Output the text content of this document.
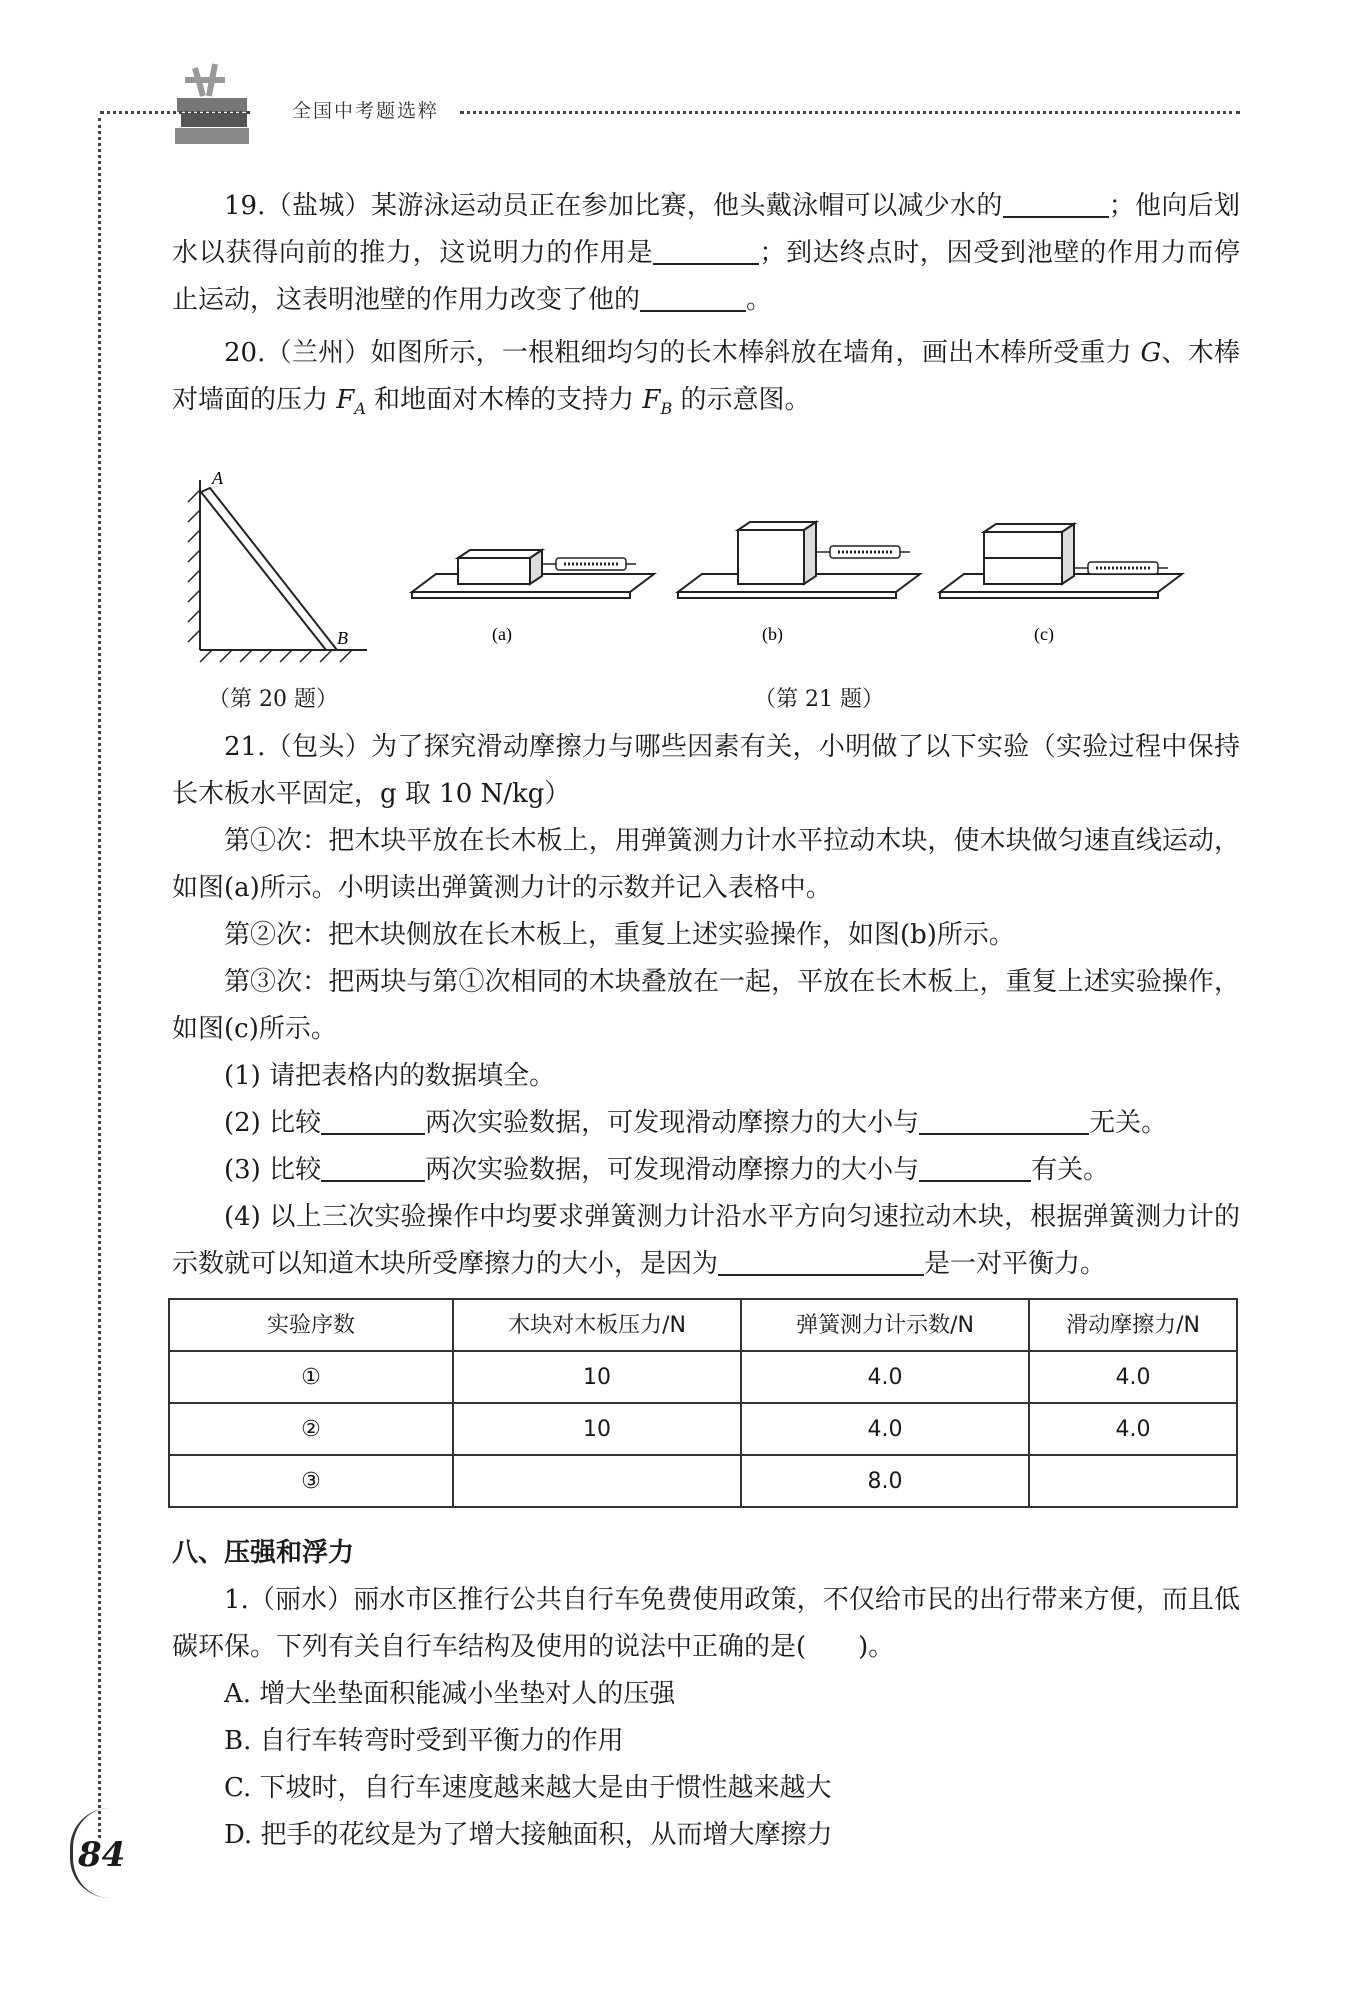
全国中考题选粹

19.（盐城）某游泳运动员正在参加比赛，他头戴泳帽可以减少水的	；他向后划水以获得向前的推力，这说明力的作用是	；到达终点时，因受到池壁的作用力而停止运动，这表明池壁的作用力改变了他的	。

20.（兰州）如图所示，一根粗细均匀的长木棒斜放在墙角，画出木棒所受重力 G、木棒对墙面的压力 $F_A$ 和地面对木棒的支持力 $F_B$ 的示意图。

A
B	(a)	(b)	(c)
（第 20 题）	（第 21 题）

21.（包头）为了探究滑动摩擦力与哪些因素有关，小明做了以下实验（实验过程中保持长木板水平固定，g 取 10 N/kg）

第①次：把木块平放在长木板上，用弹簧测力计水平拉动木块，使木块做匀速直线运动，如图(a)所示。小明读出弹簧测力计的示数并记入表格中。

第②次：把木块侧放在长木板上，重复上述实验操作，如图(b)所示。

第③次：把两块与第①次相同的木块叠放在一起，平放在长木板上，重复上述实验操作，如图(c)所示。

(1) 请把表格内的数据填全。

(2) 比较	两次实验数据，可发现滑动摩擦力的大小与	无关。

(3) 比较	两次实验数据，可发现滑动摩擦力的大小与	有关。

(4) 以上三次实验操作中均要求弹簧测力计沿水平方向匀速拉动木块，根据弹簧测力计的示数就可以知道木块所受摩擦力的大小，是因为	是一对平衡力。

实验序数	木块对木板压力/N	弹簧测力计示数/N	滑动摩擦力/N
①	10	4.0	4.0
②	10	4.0	4.0
③		8.0	
八、压强和浮力

1.（丽水）丽水市区推行公共自行车免费使用政策，不仅给市民的出行带来方便，而且低碳环保。下列有关自行车结构及使用的说法中正确的是(　　)。

A. 增大坐垫面积能减小坐垫对人的压强

B. 自行车转弯时受到平衡力的作用

C. 下坡时，自行车速度越来越大是由于惯性越来越大

D. 把手的花纹是为了增大接触面积，从而增大摩擦力

84
